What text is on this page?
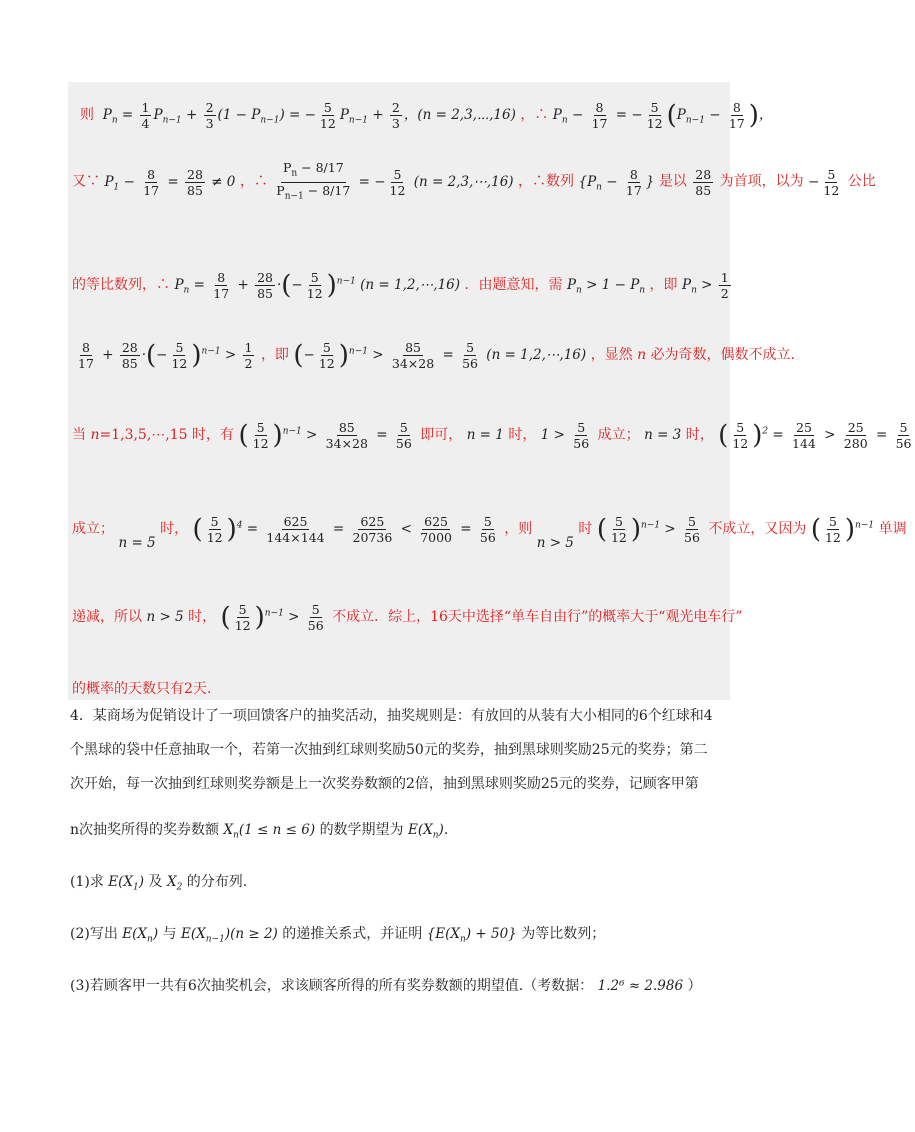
则  $P_n = \frac{1}{4} P_{n-1} + \frac{2}{3} (1 - P_{n-1})$ = − $\frac{5}{12} P_{n-1} + \frac{2}{3}$ ，(n = 2,3,⋯,16) ，∴ $P_n - \frac{8}{17}$ = − $\frac{5}{12} (P_{n-1} - \frac{8}{17}$ )，
又∵ $P_1 - \frac{8}{17} = \frac{28}{85} \ne 0$ ，∴ $\frac{P_n - 8/17}{P_{n-1} - 8/17}$ = − $\frac{5}{12} (n$ = 2,3,⋯,16) ，∴数列 {$P_n - \frac{8}{17}$ } 是以 $\frac{28}{85}$ 为首项，以为 − $\frac{5}{12}$ 公比
的等比数列，∴ $P_n = \frac{8}{17} + \frac{28}{85}$ ·(− $\frac{5}{12} )^{n-1}$ (n = 1,2,⋯,16) ．由题意知，需 $P_n > 1 - P_n$ ，即 $P_n > \frac{1}{2}$
$\frac{8}{17} + \frac{28}{85}$ ·(− $\frac{5}{12} )^{n-1} > \frac{1}{2}$ ，即 (− $\frac{5}{12} )^{n-1} > \frac{85}{34\times 28} = \frac{5}{56} (n$ = 1,2,⋯,16) ，显然 n 必为奇数，偶数不成立．
当 n=1,3,5,⋯,15 时，有 ( $\frac{5}{12} )^{n-1} > \frac{85}{34\times 28} = \frac{5}{56}$ 即可， n = 1 时， $1 > \frac{5}{56}$ 成立； n = 3 时， ( $\frac{5}{12} )^2 = \frac{25}{144} > \frac{25}{280} = \frac{5}{56}$
成立； n = 5 时， ( $\frac{5}{12} )^4 = \frac{625}{144\times 144} = \frac{625}{20736} < \frac{625}{7000} = \frac{5}{56}$ ，则 n > 5 时 ( $\frac{5}{12} )^{n-1} > \frac{5}{56}$ 不成立，又因为 ( $\frac{5}{12} )^{n-1}$ 单调
递减，所以 n > 5 时， ( $\frac{5}{12} )^{n-1} > \frac{5}{56}$ 不成立．综上，16天中选择“单车自由行”的概率大于“观光电车行”
的概率的天数只有2天.
4．某商场为促销设计了一项回馈客户的抽奖活动，抽奖规则是：有放回的从装有大小相同的6个红球和4
个黑球的袋中任意抽取一个，若第一次抽到红球则奖励50元的奖券，抽到黑球则奖励25元的奖券；第二
次开始，每一次抽到红球则奖券额是上一次奖券数额的2倍，抽到黑球则奖励25元的奖券，记顾客甲第
n次抽奖所得的奖券数额 $X_n(1 \le n \le 6)$ 的数学期望为 $E(X_n)$.
(1)求 $E(X_1)$ 及 $X_2$ 的分布列.
(2)写出 $E(X_n)$ 与 $E(X_{n-1})(n \ge 2)$ 的递推关系式，并证明 $\{E(X_n) + 50\}$ 为等比数列；
(3)若顾客甲一共有6次抽奖机会，求该顾客所得的所有奖券数额的期望值.（考数据： 1.2⁶ ≈ 2.986 ）
